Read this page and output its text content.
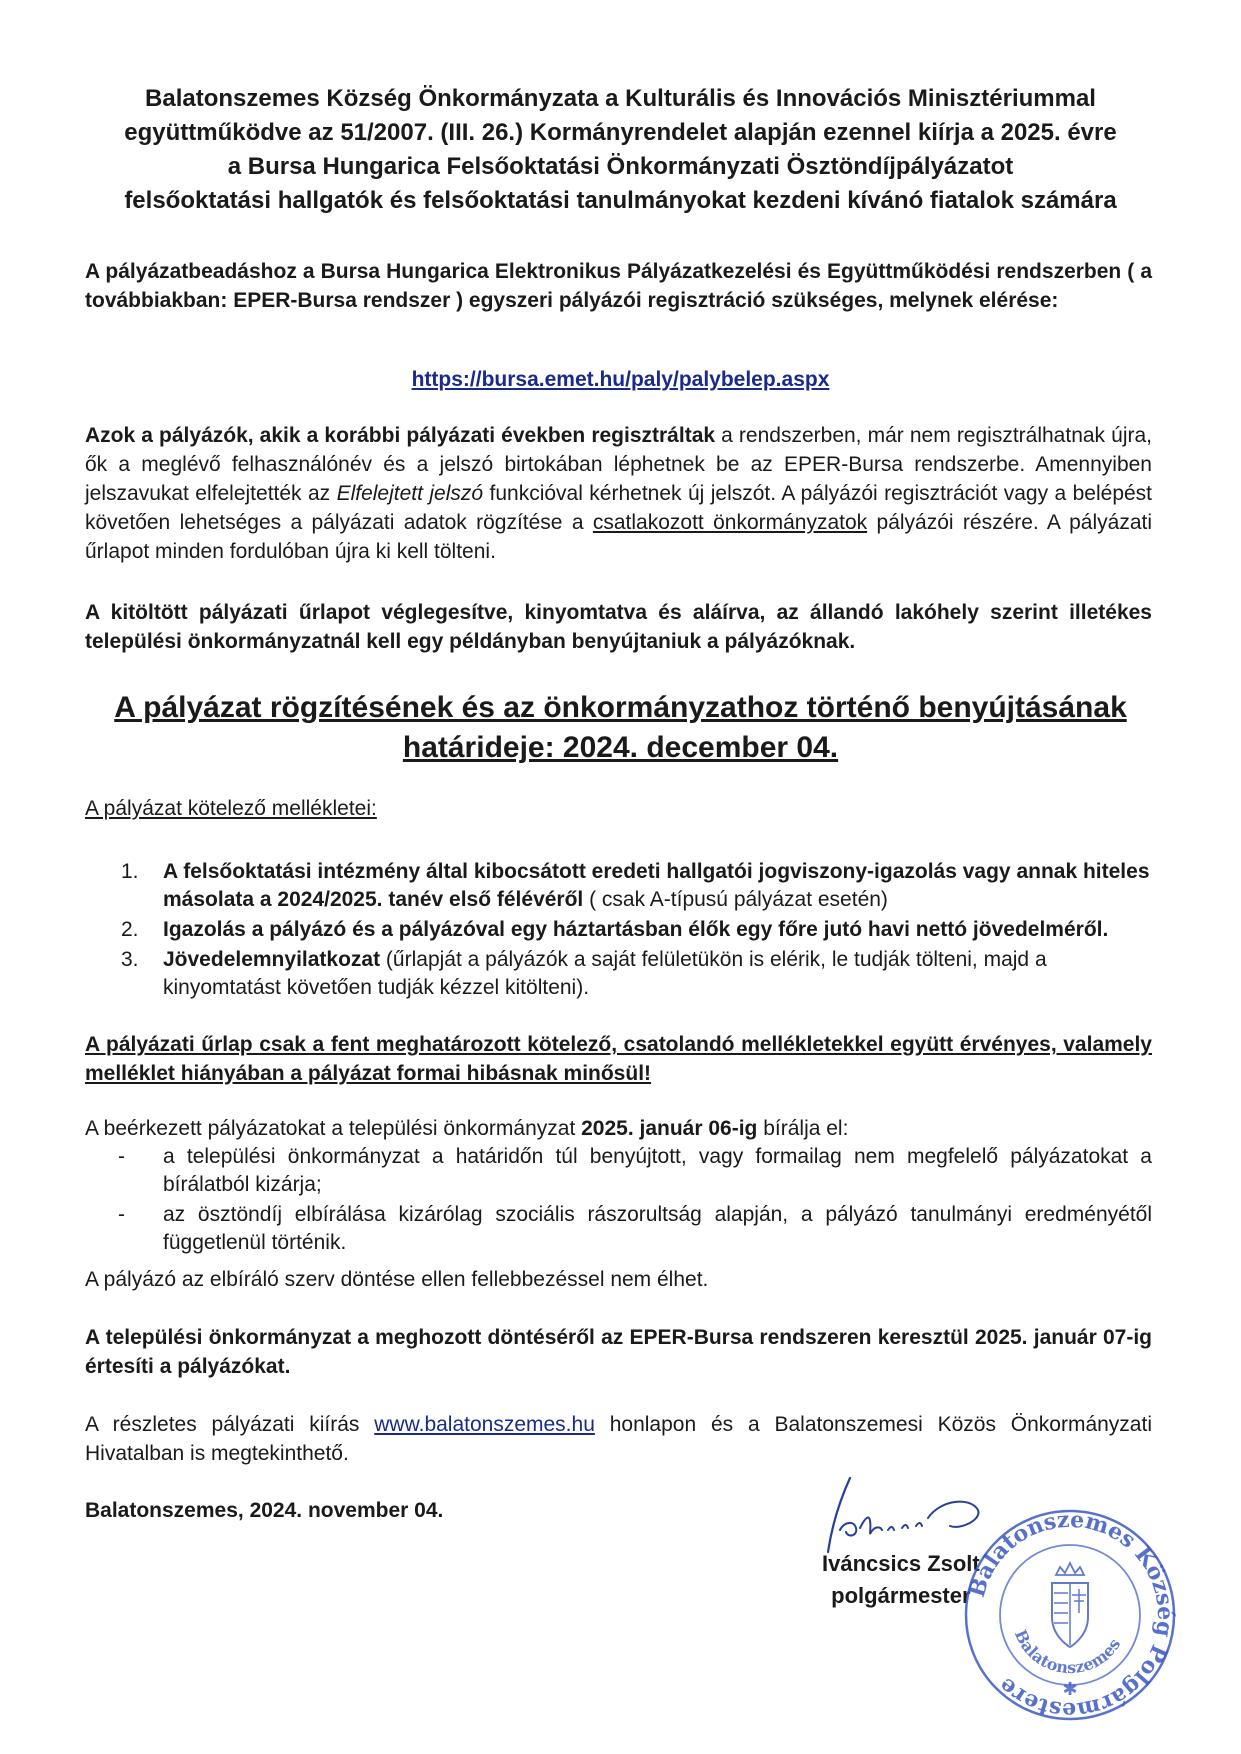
Balatonszemes Község Önkormányzata a Kulturális és Innovációs Minisztériummal
együttműködve az 51/2007. (III. 26.) Kormányrendelet alapján ezennel kiírja a 2025. évre
a Bursa Hungarica Felsőoktatási Önkormányzati Ösztöndíjpályázatot
felsőoktatási hallgatók és felsőoktatási tanulmányokat kezdeni kívánó fiatalok számára
A pályázatbeadáshoz a Bursa Hungarica Elektronikus Pályázatkezelési és Együttműködési rendszerben ( a továbbiakban: EPER-Bursa rendszer ) egyszeri pályázói regisztráció szükséges, melynek elérése:
https://bursa.emet.hu/paly/palybelep.aspx
Azok a pályázók, akik a korábbi pályázati években regisztráltak a rendszerben, már nem regisztrálhatnak újra, ők a meglévő felhasználónév és a jelszó birtokában léphetnek be az EPER-Bursa rendszerbe. Amennyiben jelszavukat elfelejtették az Elfelejtett jelszó funkcióval kérhetnek új jelszót. A pályázói regisztrációt vagy a belépést követően lehetséges a pályázati adatok rögzítése a csatlakozott önkormányzatok pályázói részére. A pályázati űrlapot minden fordulóban újra ki kell tölteni.
A kitöltött pályázati űrlapot véglegesítve, kinyomtatva és aláírva, az állandó lakóhely szerint illetékes települési önkormányzatnál kell egy példányban benyújtaniuk a pályázóknak.
A pályázat rögzítésének és az önkormányzathoz történő benyújtásának
határideje: 2024. december 04.
A pályázat kötelező mellékletei:
1. A felsőoktatási intézmény által kibocsátott eredeti hallgatói jogviszony-igazolás vagy annak hiteles másolata a 2024/2025. tanév első félévéről ( csak A-típusú pályázat esetén)
2. Igazolás a pályázó és a pályázóval egy háztartásban élők egy főre jutó havi nettó jövedelméről.
3. Jövedelemnyilatkozat (űrlapját a pályázók a saját felületükön is elérik, le tudják tölteni, majd a kinyomtatást követően tudják kézzel kitölteni).
A pályázati űrlap csak a fent meghatározott kötelező, csatolandó mellékletekkel együtt érvényes, valamely melléklet hiányában a pályázat formai hibásnak minősül!
A beérkezett pályázatokat a települési önkormányzat 2025. január 06-ig bírálja el:
- a települési önkormányzat a határidőn túl benyújtott, vagy formailag nem megfelelő pályázatokat a bírálatból kizárja;
- az ösztöndíj elbírálása kizárólag szociális rászorultság alapján, a pályázó tanulmányi eredményétől függetlenül történik.
A pályázó az elbíráló szerv döntése ellen fellebbezéssel nem élhet.
A települési önkormányzat a meghozott döntéséről az EPER-Bursa rendszeren keresztül 2025. január 07-ig értesíti a pályázókat.
A részletes pályázati kiírás www.balatonszemes.hu honlapon és a Balatonszemesi Közös Önkormányzati Hivatalban is megtekinthető.
Balatonszemes, 2024. november 04.
Iváncsics Zsolt
polgármester
Balatonszemes Község Polgármestere
Balatonszemes
✱
